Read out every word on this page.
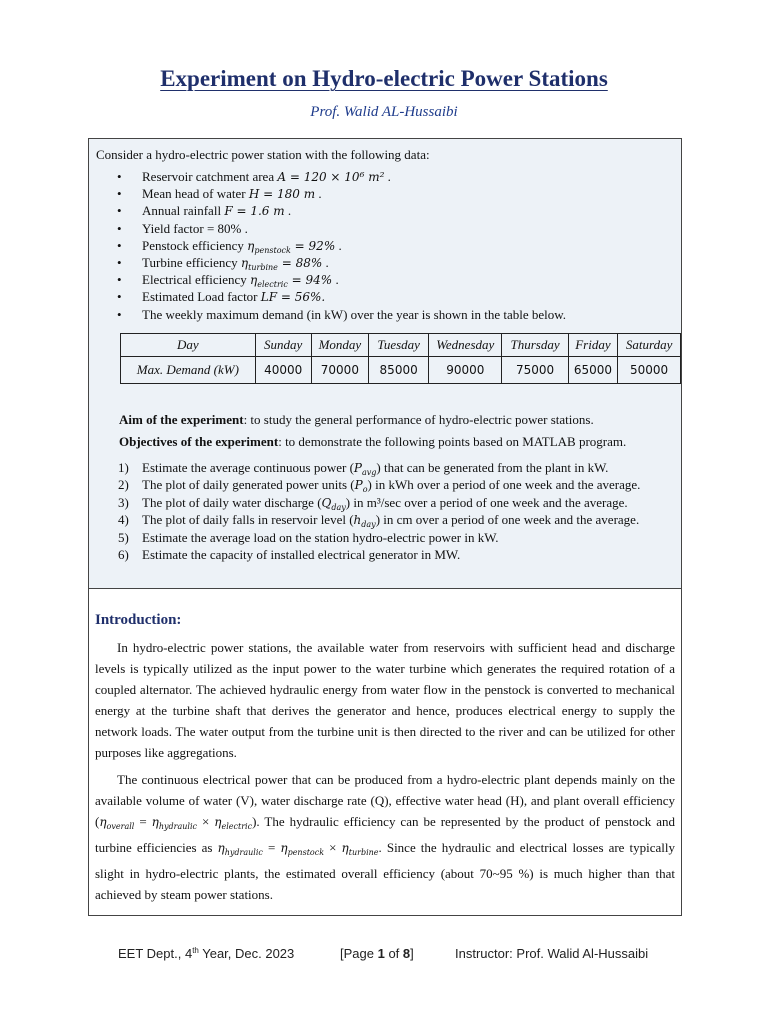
Experiment on Hydro-electric Power Stations
Prof. Walid AL-Hussaibi
Consider a hydro-electric power station with the following data:
• Reservoir catchment area A = 120 × 10⁶ m² .
• Mean head of water H = 180 m .
• Annual rainfall F = 1.6 m .
• Yield factor = 80% .
• Penstock efficiency $\eta_{penstock} = 92\%$ .
• Turbine efficiency $\eta_{turbine} = 88\%$ .
• Electrical efficiency $\eta_{electric} = 94\%$ .
• Estimated Load factor LF = 56%.
• The weekly maximum demand (in kW) over the year is shown in the table below.
Day	Sunday	Monday	Tuesday	Wednesday	Thursday	Friday	Saturday
Max. Demand (kW)	40000	70000	85000	90000	75000	65000	50000
Aim of the experiment: to study the general performance of hydro-electric power stations.
Objectives of the experiment: to demonstrate the following points based on MATLAB program.
1) Estimate the average continuous power $(P_{avg})$ that can be generated from the plant in kW.
2) The plot of daily generated power units $(P_o)$ in kWh over a period of one week and the average.
3) The plot of daily water discharge $(Q_{day})$ in m³/sec over a period of one week and the average.
4) The plot of daily falls in reservoir level $(h_{day})$ in cm over a period of one week and the average.
5) Estimate the average load on the station hydro-electric power in kW.
6) Estimate the capacity of installed electrical generator in MW.
Introduction:

In hydro-electric power stations, the available water from reservoirs with sufficient head and discharge levels is typically utilized as the input power to the water turbine which generates the required rotation of a coupled alternator. The achieved hydraulic energy from water flow in the penstock is converted to mechanical energy at the turbine shaft that derives the generator and hence, produces electrical energy to supply the network loads. The water output from the turbine unit is then directed to the river and can be utilized for other purposes like aggregations.

The continuous electrical power that can be produced from a hydro-electric plant depends mainly on the available volume of water (V), water discharge rate (Q), effective water head (H), and plant overall efficiency $(\eta_{overall} = \eta_{hydraulic} \times \eta_{electric})$. The hydraulic efficiency can be represented by the product of penstock and turbine efficiencies as $\eta_{hydraulic} = \eta_{penstock} \times \eta_{turbine}$. Since the hydraulic and electrical losses are typically slight in hydro-electric plants, the estimated overall efficiency (about 70~95 %) is much higher than that achieved by steam power stations.

EET Dept., 4th Year, Dec. 2023	[Page 1 of 8]	Instructor: Prof. Walid Al-Hussaibi
